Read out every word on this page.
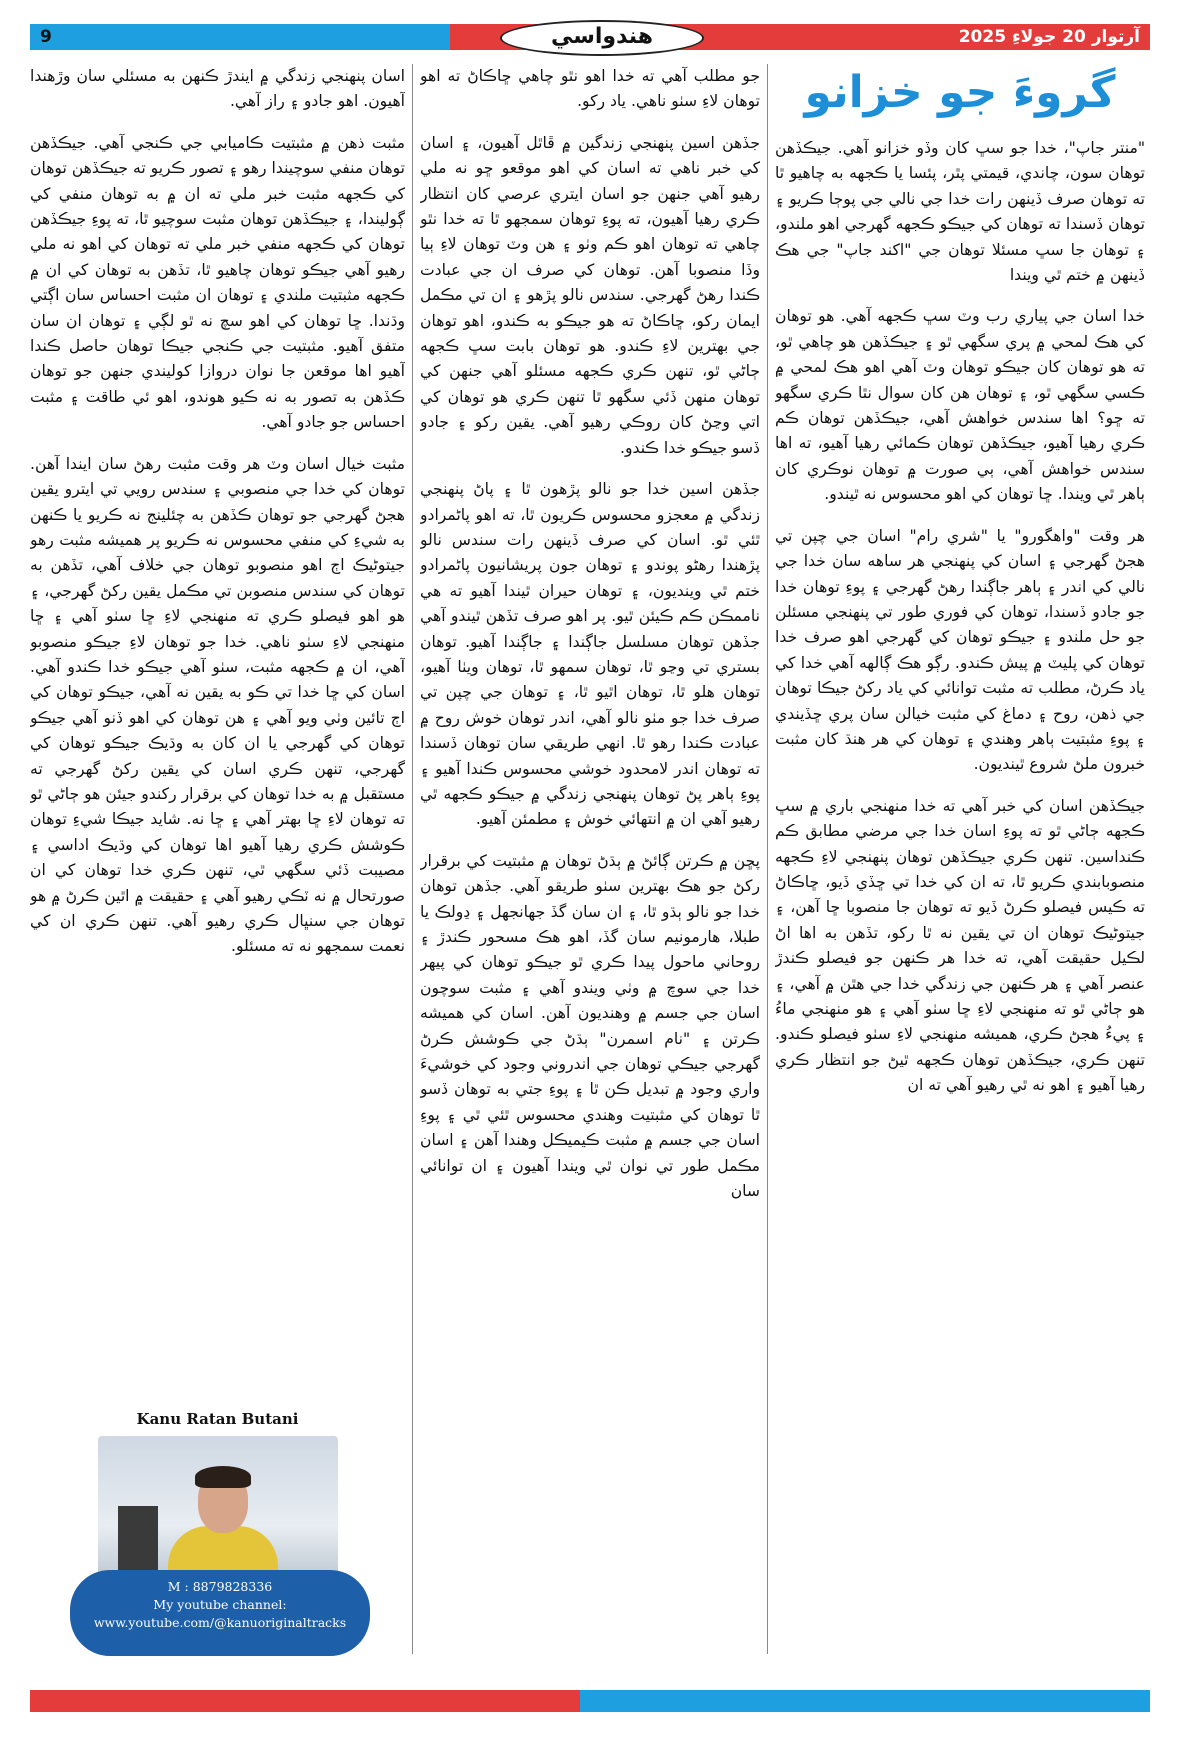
9	آرتوار 20 جولاءِ 2025
هندواسي
گروءَ جو خزانو

"منتر جاپ"، خدا جو سڀ کان وڏو خزانو آهي. جيڪڏهن توهان سون، چاندي، قيمتي پٿر، پئسا يا ڪجهه به چاهيو ٿا ته توهان صرف ڏينهن رات خدا جي نالي جي پوڄا ڪريو ۽ توهان ڏسندا ته توهان کي جيڪو ڪجهه گهرجي اهو ملندو، ۽ توهان جا سڀ مسئلا توهان جي "اکند جاپ" جي هڪ ڏينهن ۾ ختم ٿي ويندا

خدا اسان جي پياري رب وٽ سڀ ڪجهه آهي. هو توهان کي هڪ لمحي ۾ پري سگهي ٿو ۽ جيڪڏهن هو چاهي ٿو، ته هو توهان کان جيڪو توهان وٽ آهي اهو هڪ لمحي ۾ ڪسي سگهي ٿو، ۽ توهان هن کان سوال نٿا ڪري سگهو ته ڇو؟ اها سندس خواهش آهي، جيڪڏهن توهان ڪم ڪري رهيا آهيو، جيڪڏهن توهان ڪمائي رهيا آهيو، ته اها سندس خواهش آهي، ٻي صورت ۾ توهان نوڪري کان ٻاهر ٿي ويندا. ڇا توهان کي اهو محسوس نه ٿيندو.

هر وقت "واهگورو" يا "شري رام" اسان جي چپن تي هجڻ گهرجي ۽ اسان کي پنهنجي هر ساهه سان خدا جي نالي کي اندر ۽ ٻاهر جاڳندا رهڻ گهرجي ۽ پوءِ توهان خدا جو جادو ڏسندا، توهان کي فوري طور تي پنهنجي مسئلن جو حل ملندو ۽ جيڪو توهان کي گهرجي اهو صرف خدا توهان کي پليٽ ۾ پيش ڪندو. رڳو هڪ ڳالهه آهي خدا کي ياد ڪرڻ، مطلب ته مثبت توانائي کي ياد رکڻ جيڪا توهان جي ذهن، روح ۽ دماغ کي مثبت خيالن سان پري ڇڏيندي ۽ پوءِ مثبتيت ٻاهر وهندي ۽ توهان کي هر هنڌ کان مثبت خبرون ملڻ شروع ٿينديون.

جيڪڏهن اسان کي خبر آهي ته خدا منهنجي باري ۾ سڀ ڪجهه ڄاڻي ٿو ته پوءِ اسان خدا جي مرضي مطابق ڪم ڪنداسين. تنهن ڪري جيڪڏهن توهان پنهنجي لاءِ ڪجهه منصوبابندي ڪريو ٿا، ته ان کي خدا تي ڇڏي ڏيو، ڇاڪاڻ ته ڪيس فيصلو ڪرڻ ڏيو ته توهان جا منصوبا ڇا آهن، ۽ جيتوڻيڪ توهان ان تي يقين نه ٿا رکو، تڏهن به اها اڻ لڪيل حقيقت آهي، ته خدا هر ڪنهن جو فيصلو ڪندڙ عنصر آهي ۽ هر ڪنهن جي زندگي خدا جي هٿن ۾ آهي، ۽ هو ڄاڻي ٿو ته منهنجي لاءِ ڇا سٺو آهي ۽ هو منهنجي ماءُ ۽ پيءُ هجڻ ڪري، هميشه منهنجي لاءِ سٺو فيصلو ڪندو. تنهن ڪري، جيڪڏهن توهان ڪجهه ٿيڻ جو انتظار ڪري رهيا آهيو ۽ اهو نه ٿي رهيو آهي ته ان

جو مطلب آهي ته خدا اهو نٿو چاهي ڇاڪاڻ ته اهو توهان لاءِ سٺو ناهي. ياد رکو.

جڏهن اسين پنهنجي زندگين ۾ ڦاٿل آهيون، ۽ اسان کي خبر ناهي ته اسان کي اهو موقعو ڇو نه ملي رهيو آهي جنهن جو اسان ايتري عرصي کان انتظار ڪري رهيا آهيون، ته پوءِ توهان سمجهو ٿا ته خدا نٿو چاهي ته توهان اهو ڪم وٺو ۽ هن وٽ توهان لاءِ ٻيا وڏا منصوبا آهن. توهان کي صرف ان جي عبادت ڪندا رهڻ گهرجي. سندس نالو پڙهو ۽ ان تي مڪمل ايمان رکو، ڇاڪاڻ ته هو جيڪو به ڪندو، اهو توهان جي بهترين لاءِ ڪندو. هو توهان بابت سڀ ڪجهه ڄاڻي ٿو، تنهن ڪري ڪجهه مسئلو آهي جنهن کي توهان منهن ڏئي سگهو ٿا تنهن ڪري هو توهان کي اتي وڃڻ کان روڪي رهيو آهي. يقين رکو ۽ جادو ڏسو جيڪو خدا ڪندو.

جڏهن اسين خدا جو نالو پڙهون ٿا ۽ پاڻ پنهنجي زندگي ۾ معجزو محسوس ڪريون ٿا، ته اهو پاڻمرادو ٿئي ٿو. اسان کي صرف ڏينهن رات سندس نالو پڙهندا رهڻو پوندو ۽ توهان جون پريشانيون پاڻمرادو ختم ٿي وينديون، ۽ توهان حيران ٿيندا آهيو ته هي ناممڪن ڪم ڪيئن ٿيو. پر اهو صرف تڏهن ٿيندو آهي جڏهن توهان مسلسل جاڳندا ۽ جاڳندا آهيو. توهان بستري تي وڃو ٿا، توهان سمهو ٿا، توهان ويٺا آهيو، توهان هلو ٿا، توهان اٿيو ٿا، ۽ توهان جي چپن تي صرف خدا جو مٺو نالو آهي، اندر توهان خوش روح ۾ عبادت ڪندا رهو ٿا. انهي طريقي سان توهان ڏسندا ته توهان اندر لامحدود خوشي محسوس ڪندا آهيو ۽ پوءِ ٻاهر پڻ توهان پنهنجي زندگي ۾ جيڪو ڪجهه ٿي رهيو آهي ان ۾ انتهائي خوش ۽ مطمئن آهيو.

پڇن ۾ ڪرتن ڳائڻ ۾ ٻڌڻ توهان ۾ مثبتيت کي برقرار رکڻ جو هڪ بهترين سٺو طريقو آهي. جڏهن توهان خدا جو نالو ٻڌو ٿا، ۽ ان سان گڏ جهانجهل ۽ ڍولڪ يا طبلا، هارمونيم سان گڏ، اهو هڪ مسحور ڪندڙ ۽ روحاني ماحول پيدا ڪري ٿو جيڪو توهان کي پيهر خدا جي سوچ ۾ وٺي ويندو آهي ۽ مثبت سوچون اسان جي جسم ۾ وهنديون آهن. اسان کي هميشه ڪرتن ۽ "نام اسمرن" ٻڌڻ جي ڪوشش ڪرڻ گهرجي جيڪي توهان جي اندروني وجود کي خوشيءَ واري وجود ۾ تبديل ڪن ٿا ۽ پوءِ جتي به توهان ڏسو ٿا توهان کي مثبتيت وهندي محسوس ٿئي ٿي ۽ پوءِ اسان جي جسم ۾ مثبت ڪيميڪل وهندا آهن ۽ اسان مڪمل طور تي نوان ٿي ويندا آهيون ۽ ان توانائي سان

اسان پنهنجي زندگي ۾ ايندڙ ڪنهن به مسئلي سان وڙهندا آهيون. اهو جادو ۽ راز آهي.

مثبت ذهن ۾ مثبتيت ڪاميابي جي ڪنجي آهي. جيڪڏهن توهان منفي سوچيندا رهو ۽ تصور ڪريو ته جيڪڏهن توهان کي ڪجهه مثبت خبر ملي ته ان ۾ به توهان منفي کي ڳوليندا، ۽ جيڪڏهن توهان مثبت سوچيو ٿا، ته پوءِ جيڪڏهن توهان کي ڪجهه منفي خبر ملي ته توهان کي اهو نه ملي رهيو آهي جيڪو توهان چاهيو ٿا، تڏهن به توهان کي ان ۾ ڪجهه مثبتيت ملندي ۽ توهان ان مثبت احساس سان اڳتي وڌندا. ڇا توهان کي اهو سچ نه ٿو لڳي ۽ توهان ان سان متفق آهيو. مثبتيت جي ڪنجي جيڪا توهان حاصل ڪندا آهيو اها موقعن جا نوان دروازا کوليندي جنهن جو توهان ڪڏهن به تصور به نه ڪيو هوندو، اهو ئي طاقت ۽ مثبت احساس جو جادو آهي.

مثبت خيال اسان وٽ هر وقت مثبت رهڻ سان ايندا آهن. توهان کي خدا جي منصوبي ۽ سندس رويي تي ايترو يقين هجڻ گهرجي جو توهان ڪڏهن به چئلينج نه ڪريو يا ڪنهن به شيءِ کي منفي محسوس نه ڪريو پر هميشه مثبت رهو جيتوڻيڪ اڄ اهو منصوبو توهان جي خلاف آهي، تڏهن به توهان کي سندس منصوبن تي مڪمل يقين رکڻ گهرجي، ۽ هو اهو فيصلو ڪري ته منهنجي لاءِ ڇا سٺو آهي ۽ ڇا منهنجي لاءِ سٺو ناهي. خدا جو توهان لاءِ جيڪو منصوبو آهي، ان ۾ ڪجهه مثبت، سٺو آهي جيڪو خدا ڪندو آهي. اسان کي ڇا خدا تي ڪو به يقين نه آهي، جيڪو توهان کي اڄ تائين وٺي ويو آهي ۽ هن توهان کي اهو ڏنو آهي جيڪو توهان کي گهرجي يا ان کان به وڌيڪ جيڪو توهان کي گهرجي، تنهن ڪري اسان کي يقين رکڻ گهرجي ته مستقبل ۾ به خدا توهان کي برقرار رکندو جيئن هو ڄاڻي ٿو ته توهان لاءِ ڇا بهتر آهي ۽ ڇا نه. شايد جيڪا شيءِ توهان ڪوشش ڪري رهيا آهيو اها توهان کي وڌيڪ اداسي ۽ مصيبت ڏئي سگهي ٿي، تنهن ڪري خدا توهان کي ان صورتحال ۾ نه ٽڪي رهيو آهي ۽ حقيقت ۾ اٿين ڪرڻ ۾ هو توهان جي سنڀال ڪري رهيو آهي. تنهن ڪري ان کي نعمت سمجهو نه ته مسئلو.

Kanu Ratan Butani
M : 8879828336
My youtube channel:
www.youtube.com/@kanuoriginaltracks
